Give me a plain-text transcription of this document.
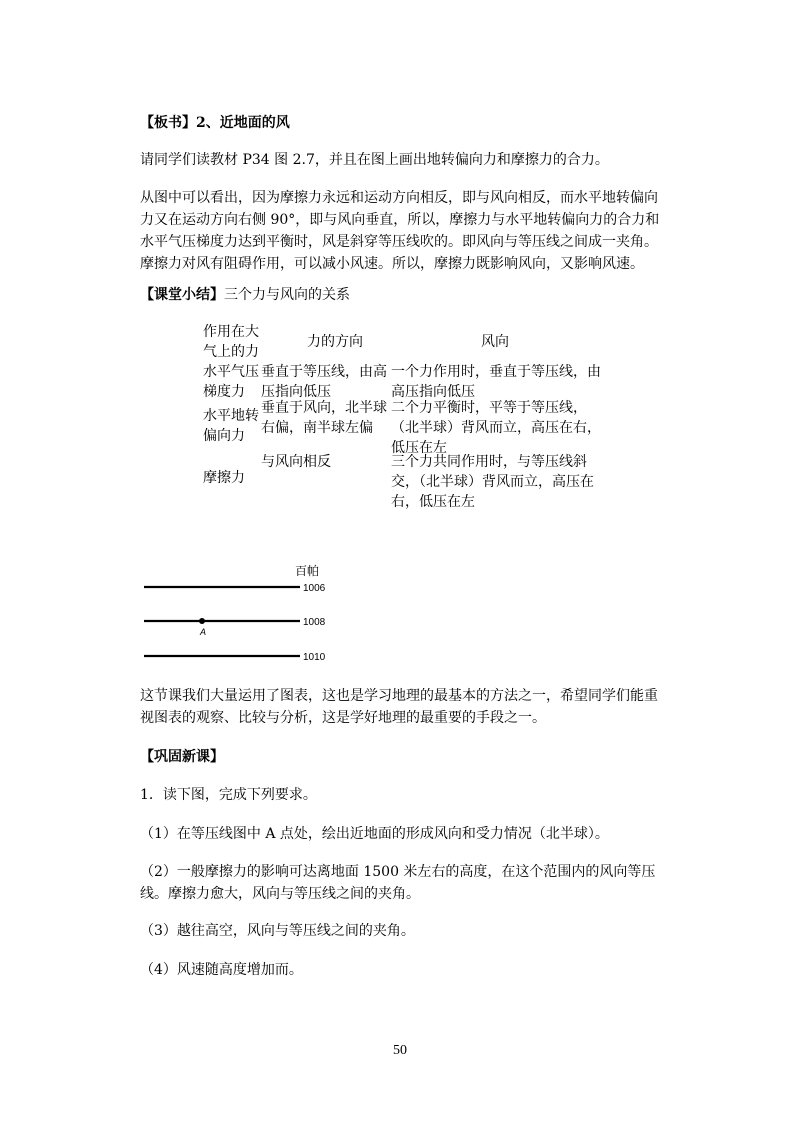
【板书】2、近地面的风
请同学们读教材 P34 图 2.7，并且在图上画出地转偏向力和摩擦力的合力。
从图中可以看出，因为摩擦力永远和运动方向相反，即与风向相反，而水平地转偏向力又在运动方向右侧 90°，即与风向垂直，所以，摩擦力与水平地转偏向力的合力和水平气压梯度力达到平衡时，风是斜穿等压线吹的。即风向与等压线之间成一夹角。摩擦力对风有阻碍作用，可以减小风速。所以，摩擦力既影响风向，又影响风速。
【课堂小结】三个力与风向的关系
作用在大气上的力
力的方向	风向
水平气压梯度力
垂直于等压线，由高压指向低压
一个力作用时，垂直于等压线，由高压指向低压
水平地转偏向力
垂直于风向，北半球右偏，南半球左偏
二个力平衡时，平等于等压线，（北半球）背风而立，高压在右，低压在左
摩擦力
与风向相反	三个力共同作用时，与等压线斜交，（北半球）背风而立，高压在右，低压在左
百帕
1006
1008
A
1010
这节课我们大量运用了图表，这也是学习地理的最基本的方法之一，希望同学们能重视图表的观察、比较与分析，这是学好地理的最重要的手段之一。
【巩固新课】
1．读下图，完成下列要求。
（1）在等压线图中 A 点处，绘出近地面的形成风向和受力情况（北半球）。
（2）一般摩擦力的影响可达离地面 1500 米左右的高度，在这个范围内的风向等压线。摩擦力愈大，风向与等压线之间的夹角。
（3）越往高空，风向与等压线之间的夹角。
（4）风速随高度增加而。
50
